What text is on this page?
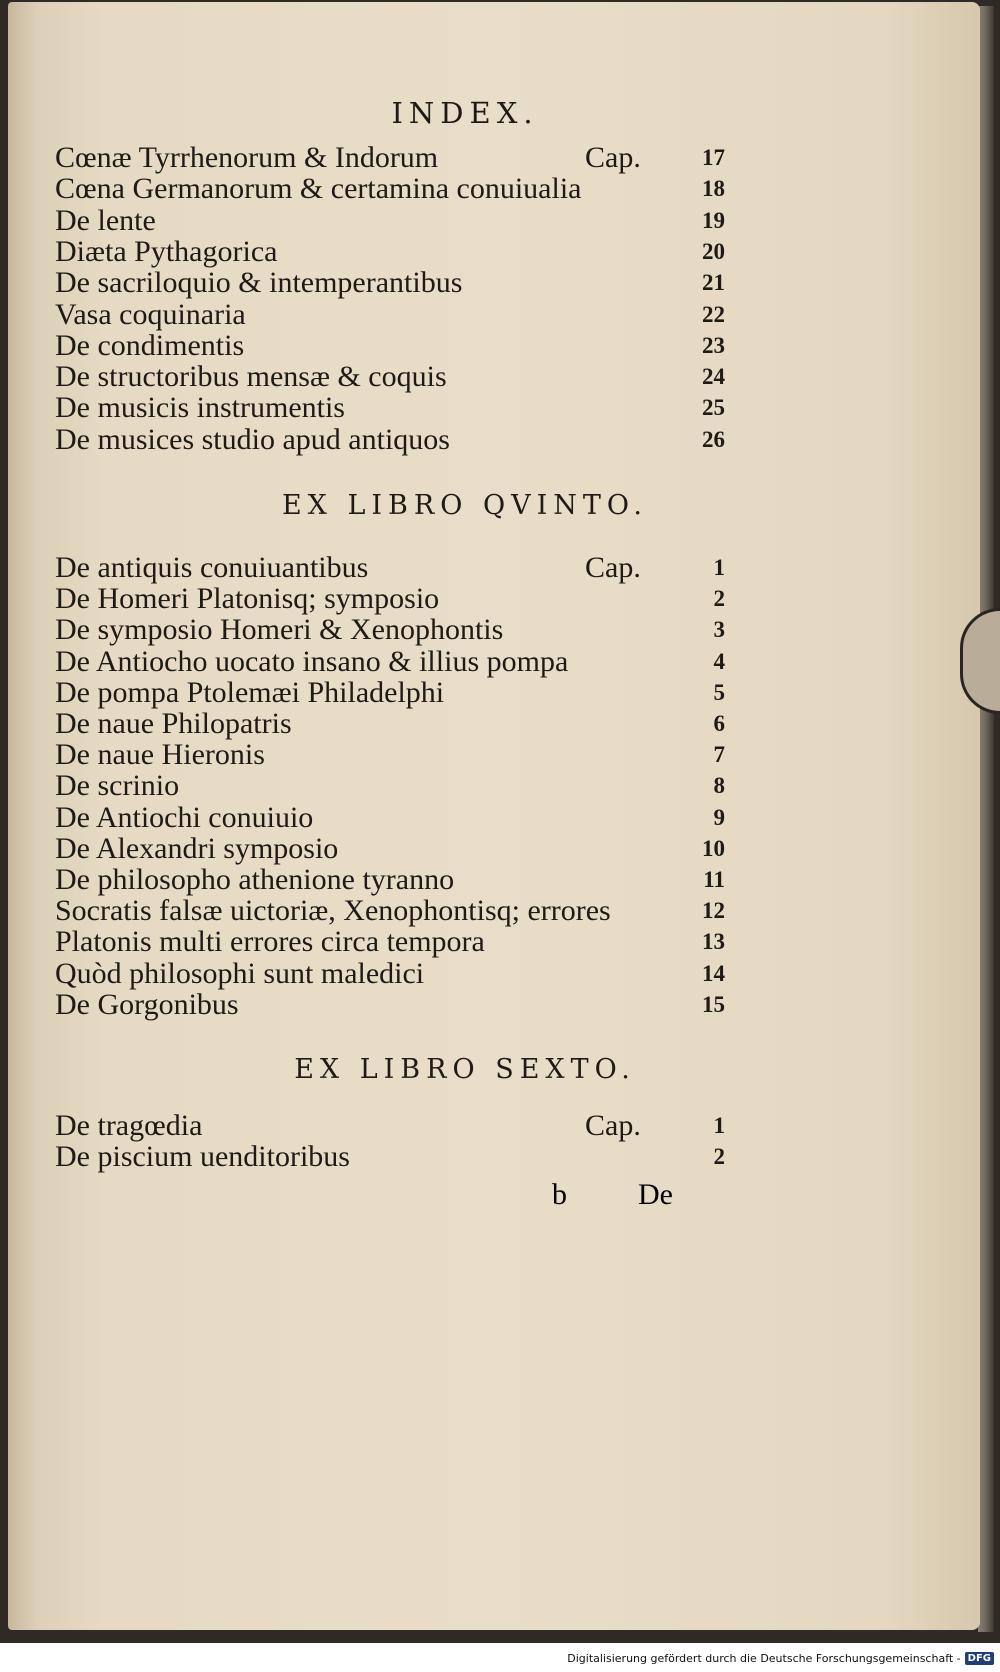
INDEX.
Cœnæ Tyrrhenorum & Indorum	Cap.	17
Cœna Germanorum & certamina conuiualia	18
De lente	19
Diæta Pythagorica	20
De sacriloquio & intemperantibus	21
Vasa coquinaria	22
De condimentis	23
De structoribus mensæ & coquis	24
De musicis instrumentis	25
De musices studio apud antiquos	26
EX LIBRO QVINTO.
De antiquis conuiuantibus	Cap.	1
De Homeri Platonisq; symposio	2
De symposio Homeri & Xenophontis	3
De Antiocho uocato insano & illius pompa	4
De pompa Ptolemæi Philadelphi	5
De naue Philopatris	6
De naue Hieronis	7
De scrinio	8
De Antiochi conuiuio	9
De Alexandri symposio	10
De philosopho athenione tyranno	11
Socratis falsæ uictoriæ, Xenophontisq; errores	12
Platonis multi errores circa tempora	13
Quòd philosophi sunt maledici	14
De Gorgonibus	15
EX LIBRO SEXTO.
De tragœdia	Cap.	1
De piscium uenditoribus	2
b De
Digitalisierung gefördert durch die Deutsche Forschungsgemeinschaft - DFG
